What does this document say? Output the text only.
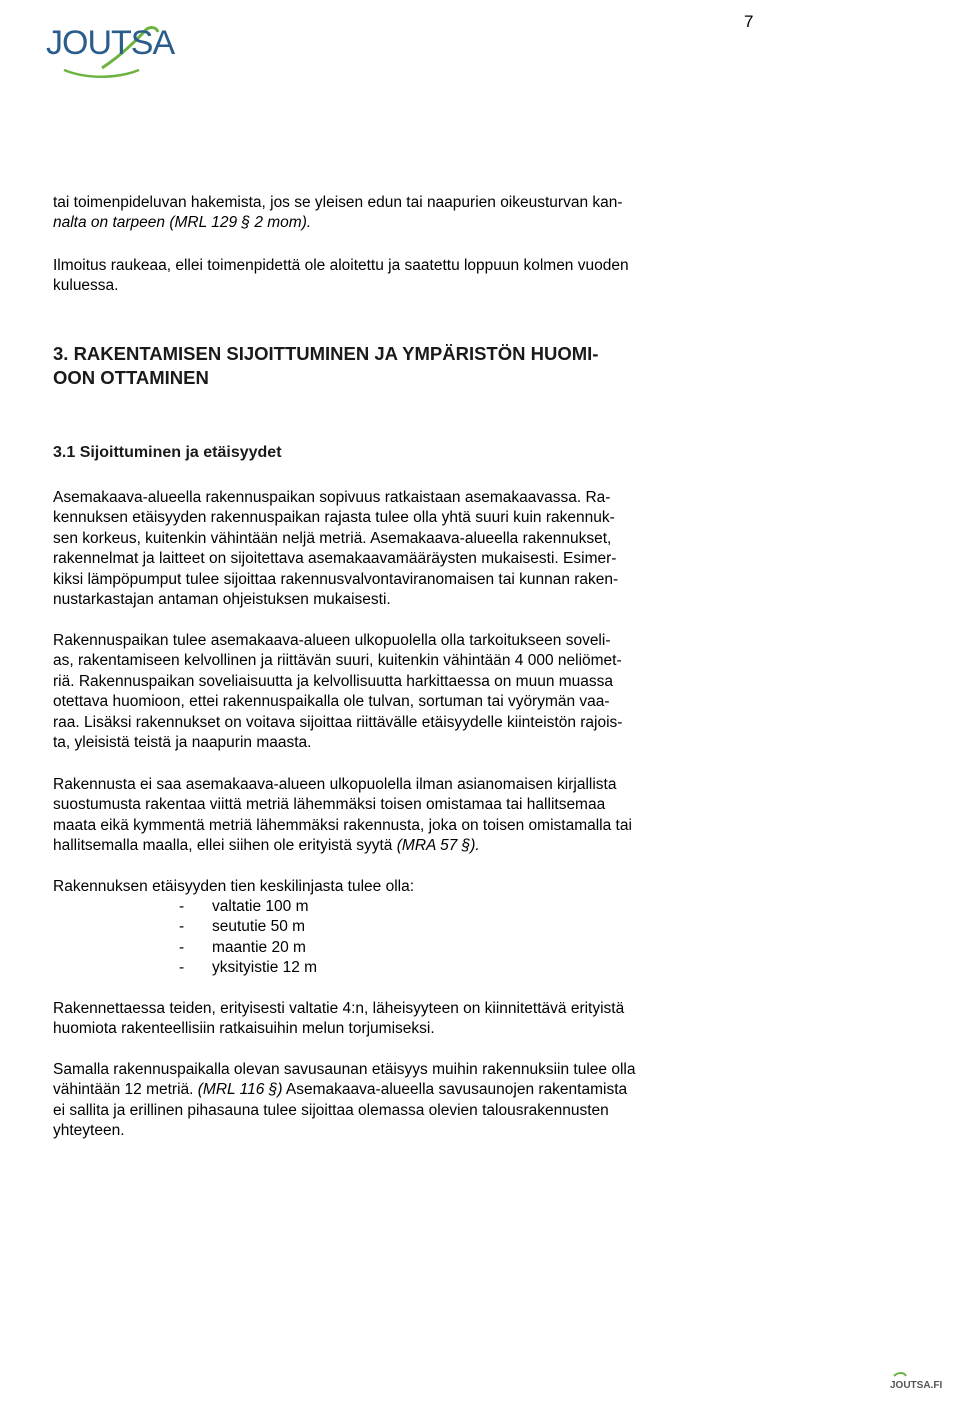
JOUTSA
7
tai toimenpideluvan hakemista, jos se yleisen edun tai naapurien oikeusturvan kan-
nalta on tarpeen (MRL 129 § 2 mom).
Ilmoitus raukeaa, ellei toimenpidettä ole aloitettu ja saatettu loppuun kolmen vuoden
kuluessa.
3. RAKENTAMISEN SIJOITTUMINEN JA YMPÄRISTÖN HUOMI-
OON OTTAMINEN
3.1 Sijoittuminen ja etäisyydet
Asemakaava-alueella rakennuspaikan sopivuus ratkaistaan asemakaavassa. Ra-
kennuksen etäisyyden rakennuspaikan rajasta tulee olla yhtä suuri kuin rakennuk-
sen korkeus, kuitenkin vähintään neljä metriä. Asemakaava-alueella rakennukset,
rakennelmat ja laitteet on sijoitettava asemakaavamääräysten mukaisesti. Esimer-
kiksi lämpöpumput tulee sijoittaa rakennusvalvontaviranomaisen tai kunnan raken-
nustarkastajan antaman ohjeistuksen mukaisesti.
Rakennuspaikan tulee asemakaava-alueen ulkopuolella olla tarkoitukseen soveli-
as, rakentamiseen kelvollinen ja riittävän suuri, kuitenkin vähintään 4 000 neliömet-
riä. Rakennuspaikan soveliaisuutta ja kelvollisuutta harkittaessa on muun muassa
otettava huomioon, ettei rakennuspaikalla ole tulvan, sortuman tai vyörymän vaa-
raa. Lisäksi rakennukset on voitava sijoittaa riittävälle etäisyydelle kiinteistön rajois-
ta, yleisistä teistä ja naapurin maasta.
Rakennusta ei saa asemakaava-alueen ulkopuolella ilman asianomaisen kirjallista
suostumusta rakentaa viittä metriä lähemmäksi toisen omistamaa tai hallitsemaa
maata eikä kymmentä metriä lähemmäksi rakennusta, joka on toisen omistamalla tai
hallitsemalla maalla, ellei siihen ole erityistä syytä (MRA 57 §).
Rakennuksen etäisyyden tien keskilinjasta tulee olla:
- valtatie 100 m
- seututie 50 m
- maantie 20 m
- yksityistie 12 m
Rakennettaessa teiden, erityisesti valtatie 4:n, läheisyyteen on kiinnitettävä erityistä
huomiota rakenteellisiin ratkaisuihin melun torjumiseksi.
Samalla rakennuspaikalla olevan savusaunan etäisyys muihin rakennuksiin tulee olla
vähintään 12 metriä. (MRL 116 §) Asemakaava-alueella savusaunojen rakentamista
ei sallita ja erillinen pihasauna tulee sijoittaa olemassa olevien talousrakennusten
yhteyteen.
JOUTSA.FI
